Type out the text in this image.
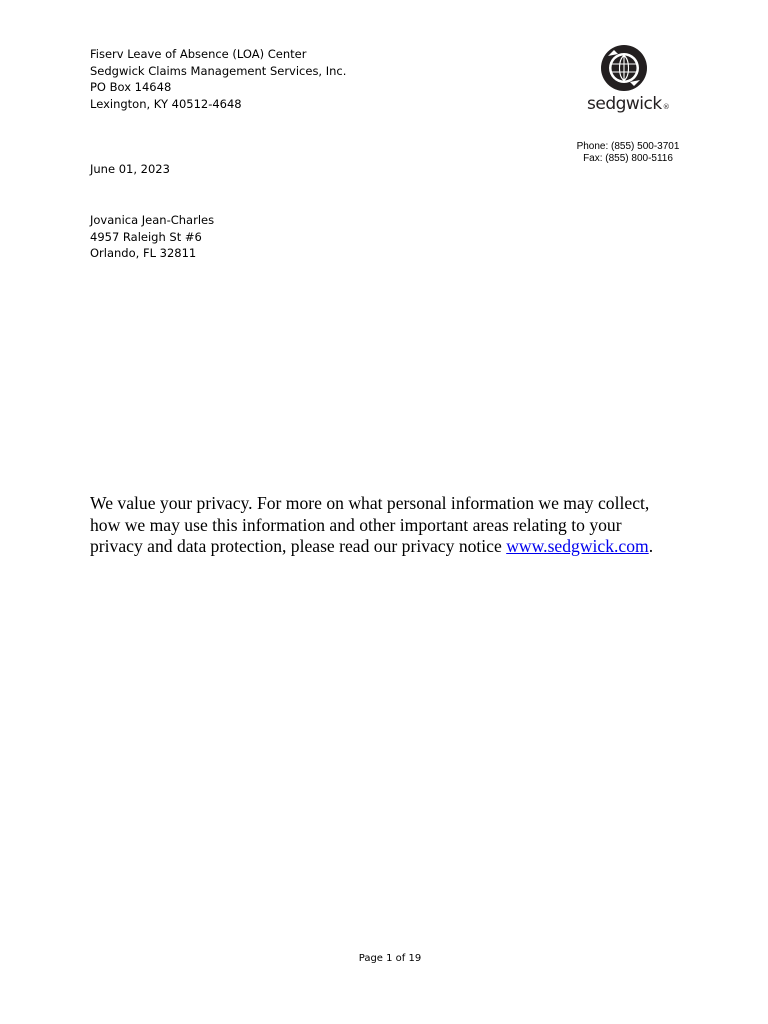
Fiserv Leave of Absence (LOA) Center
Sedgwick Claims Management Services, Inc.
PO Box 14648
Lexington, KY 40512-4648	sedgwick®
Phone: (855) 500-3701
Fax: (855) 800-5116
June 01, 2023
Jovanica Jean-Charles
4957 Raleigh St #6
Orlando, FL 32811
We value your privacy. For more on what personal information we may collect,
how we may use this information and other important areas relating to your
privacy and data protection, please read our privacy notice www.sedgwick.com.
Page 1 of 19
